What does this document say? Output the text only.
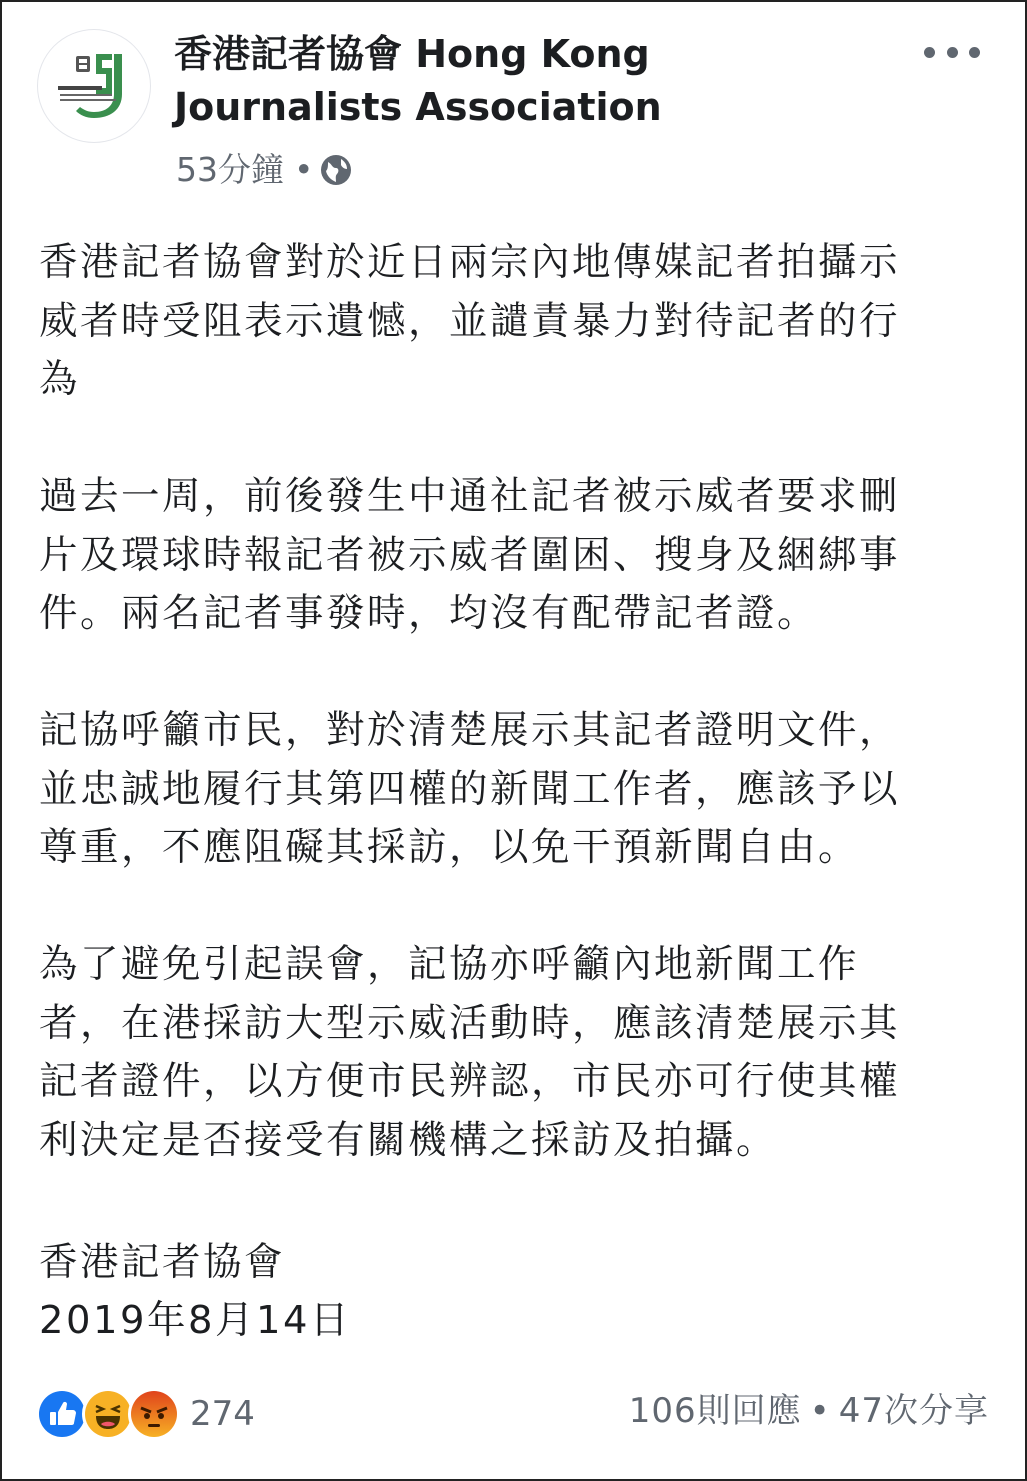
香港記者協會 Hong Kong Journalists Association
53分鐘 •

香港記者協會對於近日兩宗內地傳媒記者拍攝示
威者時受阻表示遺憾，並譴責暴力對待記者的行
為

過去一周，前後發生中通社記者被示威者要求刪
片及環球時報記者被示威者圍困、搜身及綑綁事
件。兩名記者事發時，均沒有配帶記者證。

記協呼籲市民，對於清楚展示其記者證明文件，
並忠誠地履行其第四權的新聞工作者，應該予以
尊重，不應阻礙其採訪，以免干預新聞自由。

為了避免引起誤會，記協亦呼籲內地新聞工作
者，在港採訪大型示威活動時，應該清楚展示其
記者證件，以方便市民辨認，市民亦可行使其權
利決定是否接受有關機構之採訪及拍攝。

香港記者協會
2019年8月14日
274	106則回應 • 47次分享
